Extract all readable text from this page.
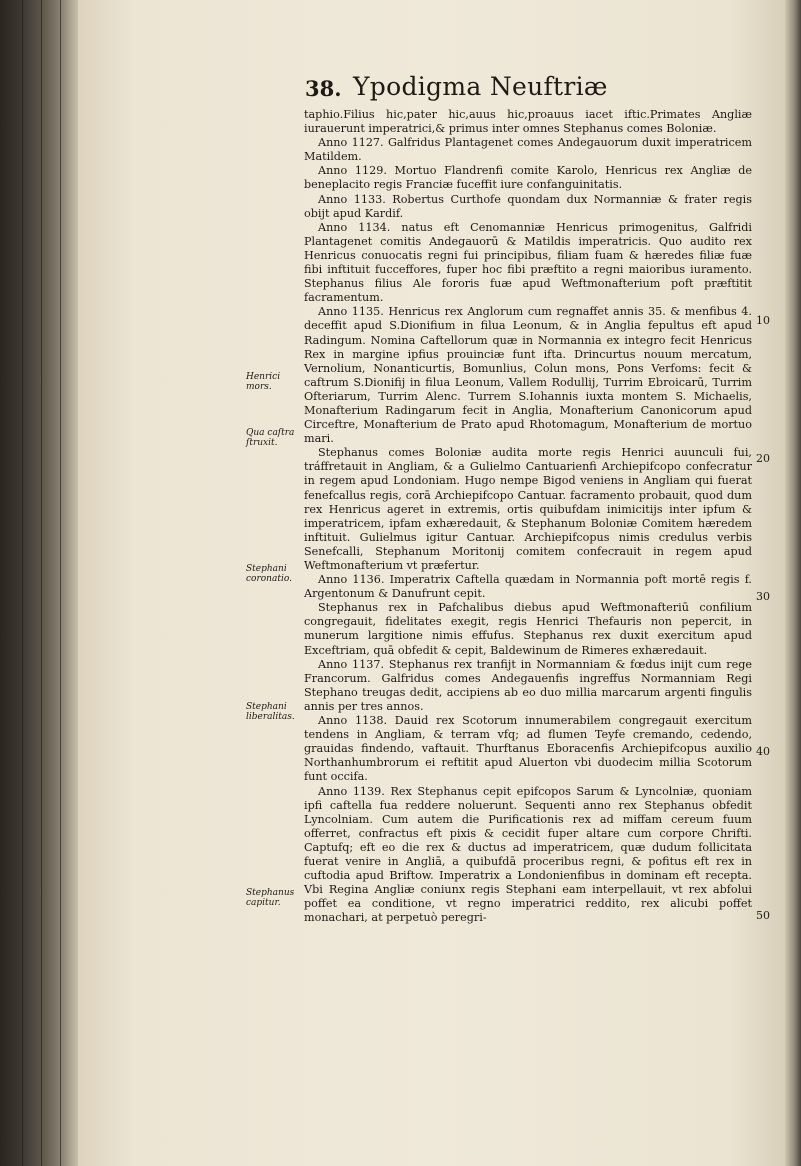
38. Ypodigma Neuftriæ

taphio.Filius hic,pater hic,auus hic,proauus iacet iftic.Primates Angliæ iurauerunt imperatrici,& primus inter omnes Stephanus comes Boloniæ.

Anno 1127. Galfridus Plantagenet comes Andegauorum duxit imperatricem Matildem.

Anno 1129. Mortuo Flandrenfi comite Karolo, Henricus rex Angliæ de beneplacito regis Franciæ fuceffit iure confanguinitatis.

Anno 1133. Robertus Curthofe quondam dux Normanniæ & frater regis obijt apud Kardif.

Anno 1134. natus eft Cenomanniæ Henricus primogenitus, Galfridi Plantagenet comitis Andegauorū & Matildis imperatricis. Quo audito rex Henricus conuocatis regni fui principibus, filiam fuam & hæredes filiæ fuæ fibi inftituit fucceffores, fuper hoc fibi præftito a regni maioribus iuramento. Stephanus filius Ale fororis fuæ apud Weftmonafterium poft præftitit facramentum.

Anno 1135. Henricus rex Anglorum cum regnaffet annis 35. & menfibus 4. deceffit apud S.Dionifium in filua Leonum, & in Anglia fepultus eft apud Radingum. Nomina Caftellorum quæ in Normannia ex integro fecit Henricus Rex in margine ipfius prouinciæ funt ifta. Drincurtus nouum mercatum, Vernolium, Nonanticurtis, Bomunlius, Colun mons, Pons Verfoms: fecit & caftrum S.Dionifij in filua Leonum, Vallem Rodullij, Turrim Ebroicarū, Turrim Ofteriarum, Turrim Alenc. Turrem S.Iohannis iuxta montem S. Michaelis, Monafterium Radingarum fecit in Anglia, Monafterium Canonicorum apud Circeftre, Monafterium de Prato apud Rhotomagum, Monafterium de mortuo mari.

Stephanus comes Boloniæ audita morte regis Henrici auunculi fui, tráffretauit in Angliam, & a Gulielmo Cantuarienfi Archiepifcopo confecratur in regem apud Londoniam. Hugo nempe Bigod veniens in Angliam qui fuerat fenefcallus regis, corā Archiepifcopo Cantuar. facramento probauit, quod dum rex Henricus ageret in extremis, ortis quibufdam inimicitijs inter ipfum & imperatricem, ipfam exhæredauit, & Stephanum Boloniæ Comitem hæredem inftituit. Gulielmus igitur Cantuar. Archiepifcopus nimis credulus verbis Senefcalli, Stephanum Moritonij comitem confecrauit in regem apud Weftmonafterium vt præfertur.

Anno 1136. Imperatrix Caftella quædam in Normannia poft mortē regis f. Argentonum & Danufrunt cepit.

Stephanus rex in Pafchalibus diebus apud Weftmonafteriū confilium congregauit, fidelitates exegit, regis Henrici Thefauris non pepercit, in munerum largitione nimis effufus. Stephanus rex duxit exercitum apud Exceftriam, quā obfedit & cepit, Baldewinum de Rimeres exhæredauit.

Anno 1137. Stephanus rex tranfijt in Normanniam & fœdus inijt cum rege Francorum. Galfridus comes Andegauenfis ingreffus Normanniam Regi Stephano treugas dedit, accipiens ab eo duo millia marcarum argenti fingulis annis per tres annos.

Anno 1138. Dauid rex Scotorum innumerabilem congregauit exercitum tendens in Angliam, & terram vfq; ad flumen Teyfe cremando, cedendo, grauidas findendo, vaftauit. Thurftanus Eboracenfis Archiepifcopus auxilio Northanhumbrorum ei reftitit apud Aluerton vbi duodecim millia Scotorum funt occifa.

Anno 1139. Rex Stephanus cepit epifcopos Sarum & Lyncolniæ, quoniam ipfi caftella fua reddere noluerunt. Sequenti anno rex Stephanus obfedit Lyncolniam. Cum autem die Purificationis rex ad miffam cereum fuum offerret, confractus eft pixis & cecidit fuper altare cum corpore Chrifti. Captufq; eft eo die rex & ductus ad imperatricem, quæ dudum follicitata fuerat venire in Angliā, a quibufdā proceribus regni, & pofitus eft rex in cuftodia apud Briftow. Imperatrix a Londonienfibus in dominam eft recepta. Vbi Regina Angliæ coniunx regis Stephani eam interpellauit, vt rex abfolui poffet ea conditione, vt regno imperatrici reddito, rex alicubi poffet monachari, at perpetuò peregri-

Henrici mors.
Qua caſtra ſtruxit.
Stephani coronatio.
Stephani liberalitas.
Stephanus capitur.
10
20
30
40
50
